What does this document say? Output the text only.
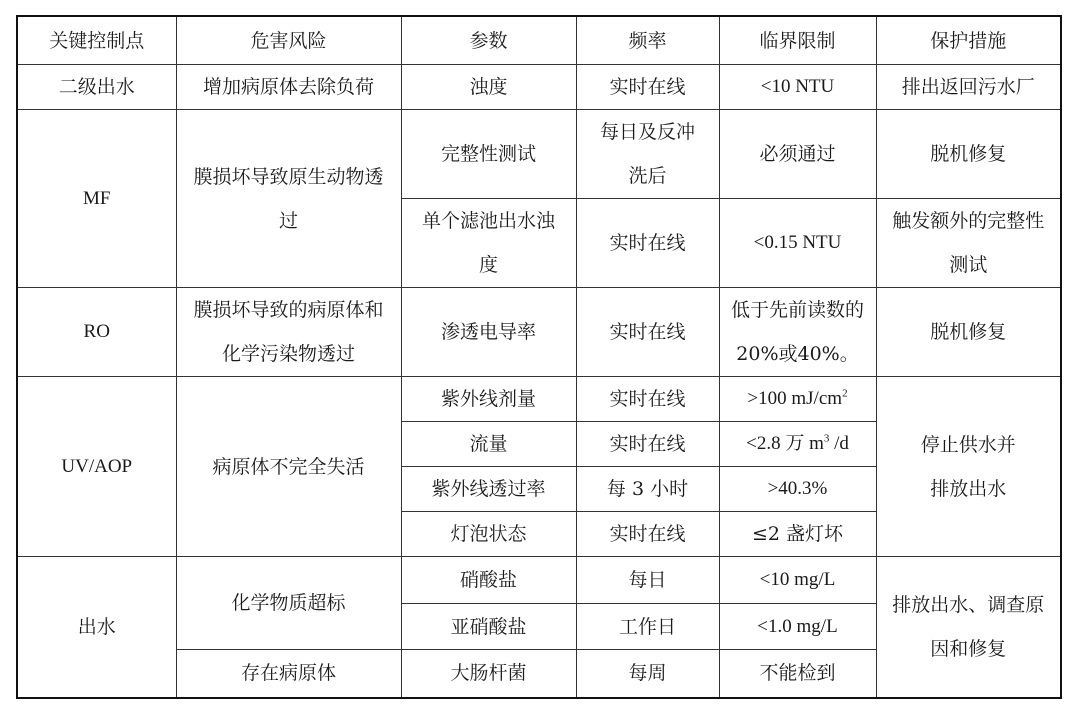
关键控制点	危害风险	参数	频率	临界限制	保护措施
二级出水	增加病原体去除负荷	浊度	实时在线	<10 NTU	排出返回污水厂
MF	膜损坏导致原生动物透过	完整性测试	每日及反冲洗后	必须通过	脱机修复
		单个滤池出水浊度	实时在线	<0.15 NTU	触发额外的完整性测试
RO	膜损坏导致的病原体和化学污染物透过	渗透电导率	实时在线	低于先前读数的20%或40%。	脱机修复
UV/AOP	病原体不完全失活	紫外线剂量	实时在线	>100 $mJ/cm^2$	停止供水并排放出水
		流量	实时在线	<2.8 万 $m^3$ /d	
		紫外线透过率	每 3 小时	>40.3%	
		灯泡状态	实时在线	≤2 盏灯坏	
出水	化学物质超标	硝酸盐	每日	<10 mg/L	排放出水、调查原因和修复
		亚硝酸盐	工作日	<1.0 mg/L	
	存在病原体	大肠杆菌	每周	不能检到	
